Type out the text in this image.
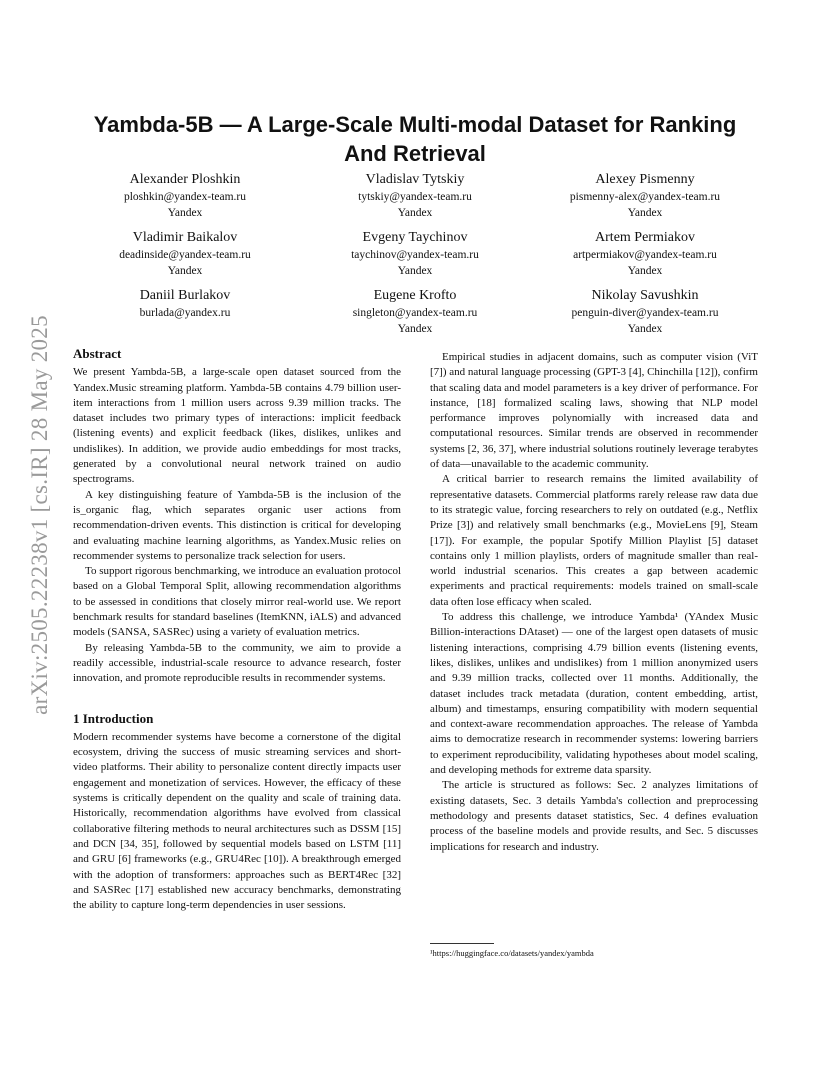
arXiv:2505.22238v1 [cs.IR] 28 May 2025
Yambda-5B — A Large-Scale Multi-modal Dataset for Ranking And Retrieval
Alexander Ploshkin
ploshkin@yandex-team.ru
Yandex
Vladislav Tytskiy
tytskiy@yandex-team.ru
Yandex
Alexey Pismenny
pismenny-alex@yandex-team.ru
Yandex
Vladimir Baikalov
deadinside@yandex-team.ru
Yandex
Evgeny Taychinov
taychinov@yandex-team.ru
Yandex
Artem Permiakov
artpermiakov@yandex-team.ru
Yandex
Daniil Burlakov
burlada@yandex.ru
Eugene Krofto
singleton@yandex-team.ru
Yandex
Nikolay Savushkin
penguin-diver@yandex-team.ru
Yandex
Abstract

We present Yambda-5B, a large-scale open dataset sourced from the Yandex.Music streaming platform. Yambda-5B contains 4.79 billion user-item interactions from 1 million users across 9.39 million tracks. The dataset includes two primary types of interactions: implicit feedback (listening events) and explicit feedback (likes, dislikes, unlikes and undislikes). In addition, we provide audio embeddings for most tracks, generated by a convolutional neural network trained on audio spectrograms.

A key distinguishing feature of Yambda-5B is the inclusion of the is_organic flag, which separates organic user actions from recommendation-driven events. This distinction is critical for developing and evaluating machine learning algorithms, as Yandex.Music relies on recommender systems to personalize track selection for users.

To support rigorous benchmarking, we introduce an evaluation protocol based on a Global Temporal Split, allowing recommendation algorithms to be assessed in conditions that closely mirror real-world use. We report benchmark results for standard baselines (ItemKNN, iALS) and advanced models (SANSA, SASRec) using a variety of evaluation metrics.

By releasing Yambda-5B to the community, we aim to provide a readily accessible, industrial-scale resource to advance research, foster innovation, and promote reproducible results in recommender systems.

1 Introduction

Modern recommender systems have become a cornerstone of the digital ecosystem, driving the success of music streaming services and short-video platforms. Their ability to personalize content directly impacts user engagement and monetization of services. However, the efficacy of these systems is critically dependent on the quality and scale of training data. Historically, recommendation algorithms have evolved from classical collaborative filtering methods to neural architectures such as DSSM [15] and DCN [34, 35], followed by sequential models based on LSTM [11] and GRU [6] frameworks (e.g., GRU4Rec [10]). A breakthrough emerged with the adoption of transformers: approaches such as BERT4Rec [32] and SASRec [17] established new accuracy benchmarks, demonstrating the ability to capture long-term dependencies in user sessions.

Empirical studies in adjacent domains, such as computer vision (ViT [7]) and natural language processing (GPT-3 [4], Chinchilla [12]), confirm that scaling data and model parameters is a key driver of performance. For instance, [18] formalized scaling laws, showing that NLP model performance improves polynomially with increased data and computational resources. Similar trends are observed in recommender systems [2, 36, 37], where industrial solutions routinely leverage terabytes of data—unavailable to the academic community.

A critical barrier to research remains the limited availability of representative datasets. Commercial platforms rarely release raw data due to its strategic value, forcing researchers to rely on outdated (e.g., Netflix Prize [3]) and relatively small benchmarks (e.g., MovieLens [9], Steam [17]). For example, the popular Spotify Million Playlist [5] dataset contains only 1 million playlists, orders of magnitude smaller than real-world industrial scenarios. This creates a gap between academic experiments and practical requirements: models trained on small-scale data often lose efficacy when scaled.

To address this challenge, we introduce Yambda¹ (YAndex Music Billion-interactions DAtaset) — one of the largest open datasets of music listening interactions, comprising 4.79 billion events (listening events, likes, dislikes, unlikes and undislikes) from 1 million anonymized users and 9.39 million tracks, collected over 11 months. Additionally, the dataset includes track metadata (duration, content embedding, artist, album) and timestamps, ensuring compatibility with modern sequential and context-aware recommendation approaches. The release of Yambda aims to democratize research in recommender systems: lowering barriers to experiment reproducibility, validating hypotheses about model scaling, and developing methods for extreme data sparsity.

The article is structured as follows: Sec. 2 analyzes limitations of existing datasets, Sec. 3 details Yambda's collection and preprocessing methodology and presents dataset statistics, Sec. 4 defines evaluation process of the baseline models and provide results, and Sec. 5 discusses implications for research and industry.

¹https://huggingface.co/datasets/yandex/yambda
